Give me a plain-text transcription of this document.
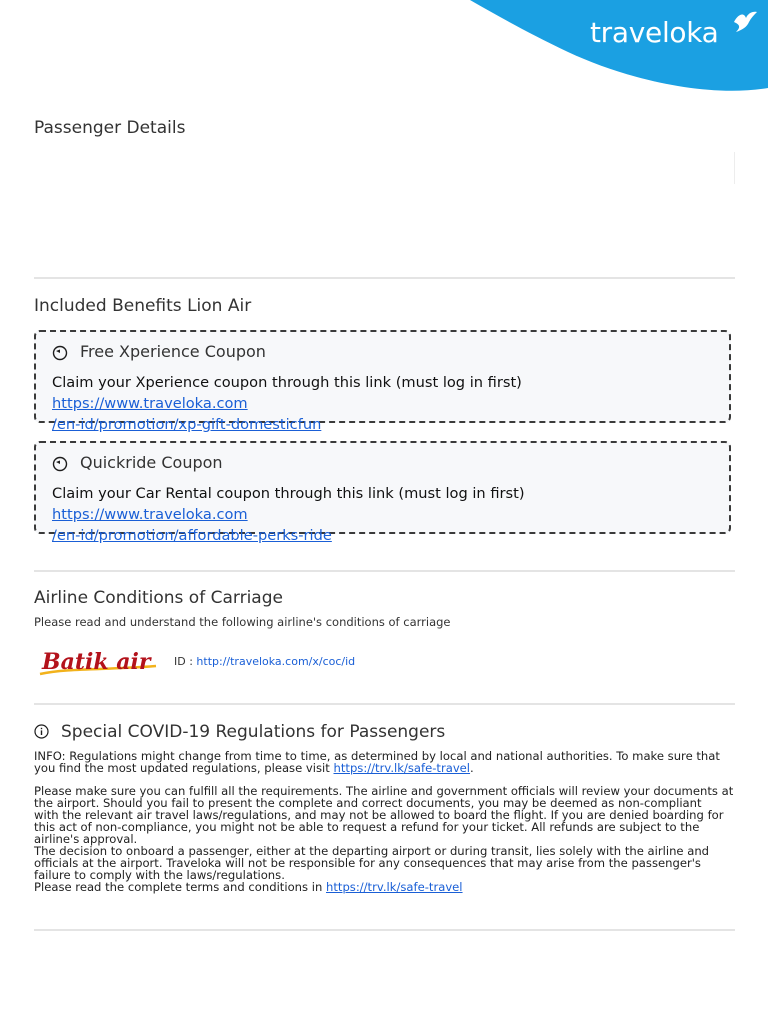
traveloka
Passenger Details
Included Benefits Lion Air
Free Xperience Coupon
Claim your Xperience coupon through this link (must log in first) https://www.traveloka.com
/en-id/promotion/xp-gift-domesticfun
Quickride Coupon
Claim your Car Rental coupon through this link (must log in first) https://www.traveloka.com
/en-id/promotion/affordable-perks-ride
Airline Conditions of Carriage
Please read and understand the following airline's conditions of carriage
Batik air ID : http://traveloka.com/x/coc/id
Special COVID-19 Regulations for Passengers
INFO: Regulations might change from time to time, as determined by local and national authorities. To make sure that
you find the most updated regulations, please visit https://trv.lk/safe-travel.
Please make sure you can fulfill all the requirements. The airline and government officials will review your documents at
the airport. Should you fail to present the complete and correct documents, you may be deemed as non-compliant
with the relevant air travel laws/regulations, and may not be allowed to board the flight. If you are denied boarding for
this act of non-compliance, you might not be able to request a refund for your ticket. All refunds are subject to the
airline's approval.
The decision to onboard a passenger, either at the departing airport or during transit, lies solely with the airline and
officials at the airport. Traveloka will not be responsible for any consequences that may arise from the passenger's
failure to comply with the laws/regulations.
Please read the complete terms and conditions in https://trv.lk/safe-travel
